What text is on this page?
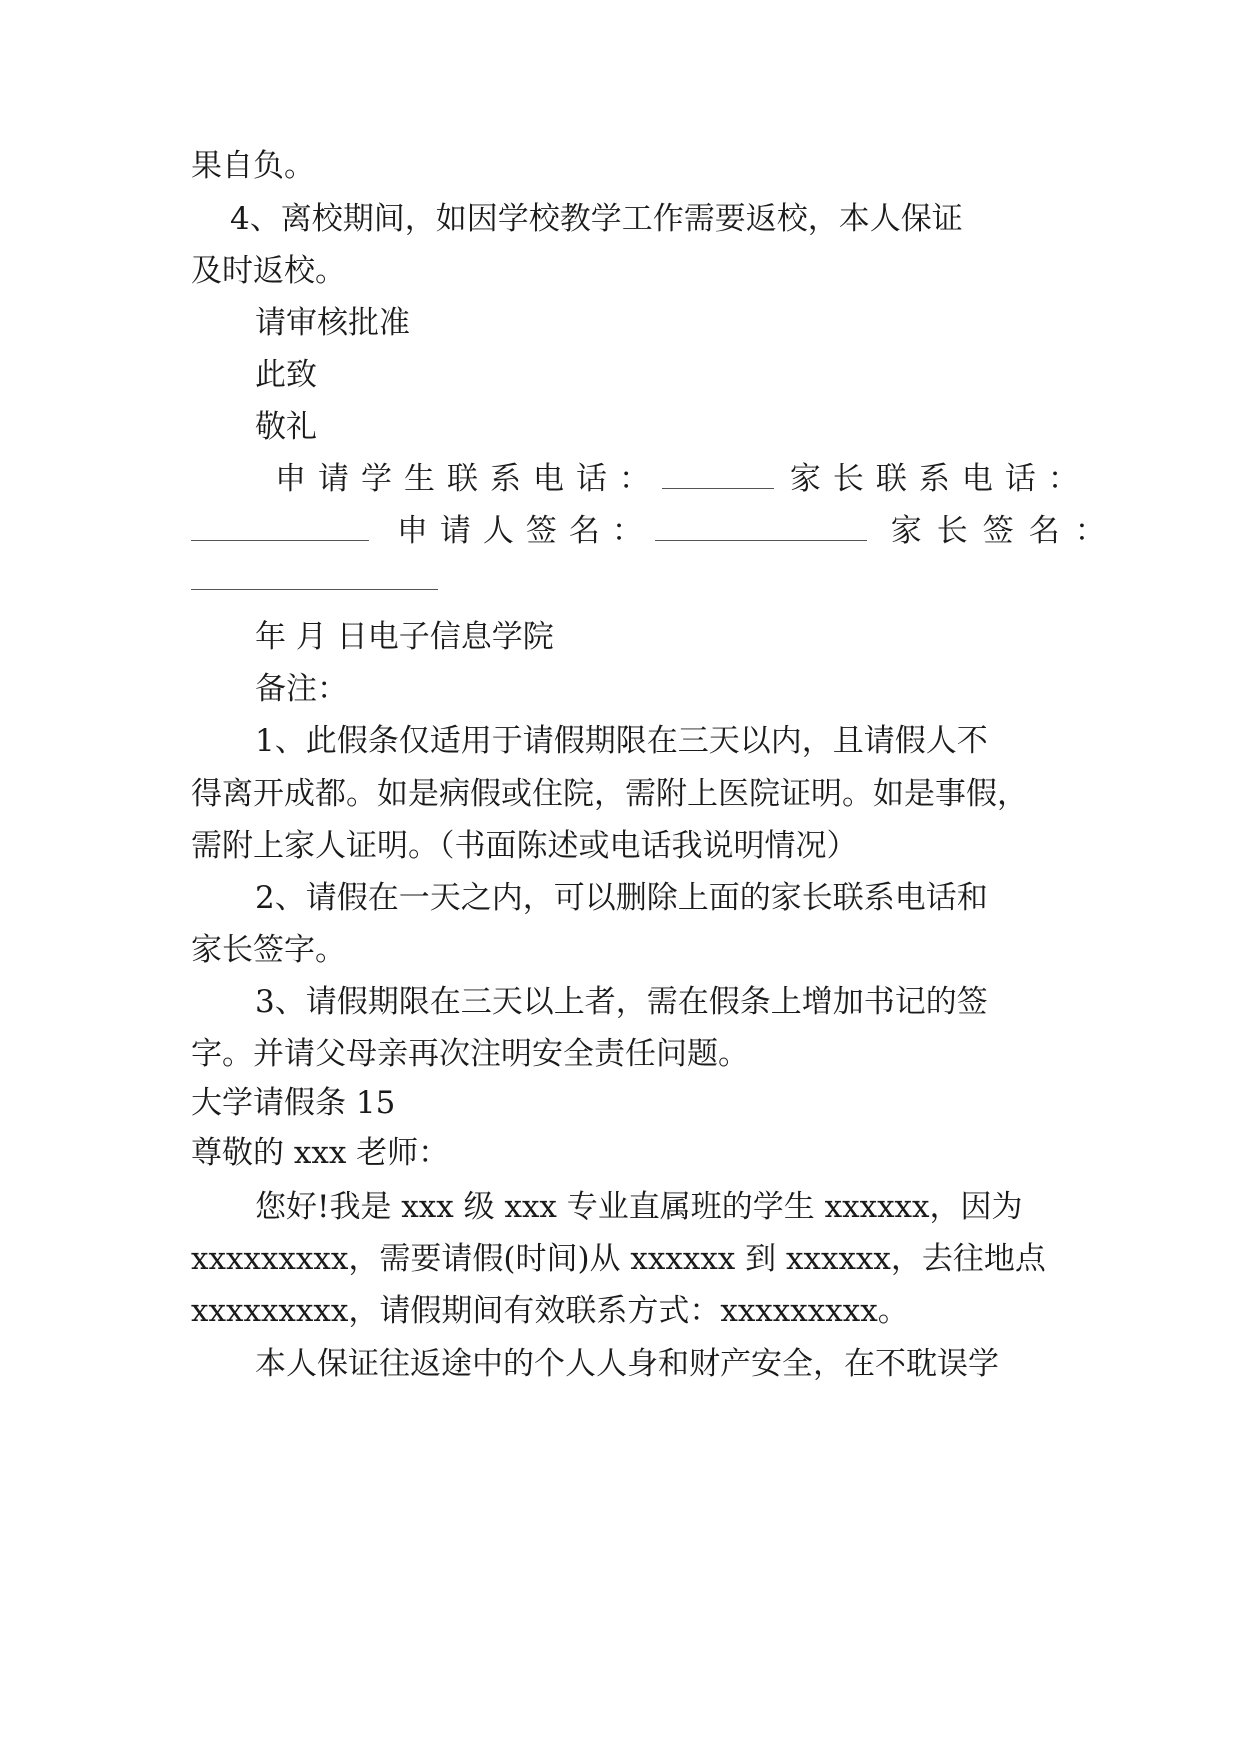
果自负。

4、离校期间，如因学校教学工作需要返校，本人保证

及时返校。

请审核批准

此致

敬礼

申请学生联系电话：	家长联系电话：
申请人签名：	家长签名：

年 月 日电子信息学院

备注：

1、此假条仅适用于请假期限在三天以内，且请假人不

得离开成都。如是病假或住院，需附上医院证明。如是事假，

需附上家人证明。（书面陈述或电话我说明情况）

2、请假在一天之内，可以删除上面的家长联系电话和

家长签字。

3、请假期限在三天以上者，需在假条上增加书记的签

字。并请父母亲再次注明安全责任问题。

大学请假条 15

尊敬的 xxx 老师：

您好!我是 xxx 级 xxx 专业直属班的学生 xxxxxx，因为

xxxxxxxxx，需要请假(时间)从 xxxxxx 到 xxxxxx，去往地点

xxxxxxxxx，请假期间有效联系方式：xxxxxxxxx。

本人保证往返途中的个人人身和财产安全，在不耽误学
